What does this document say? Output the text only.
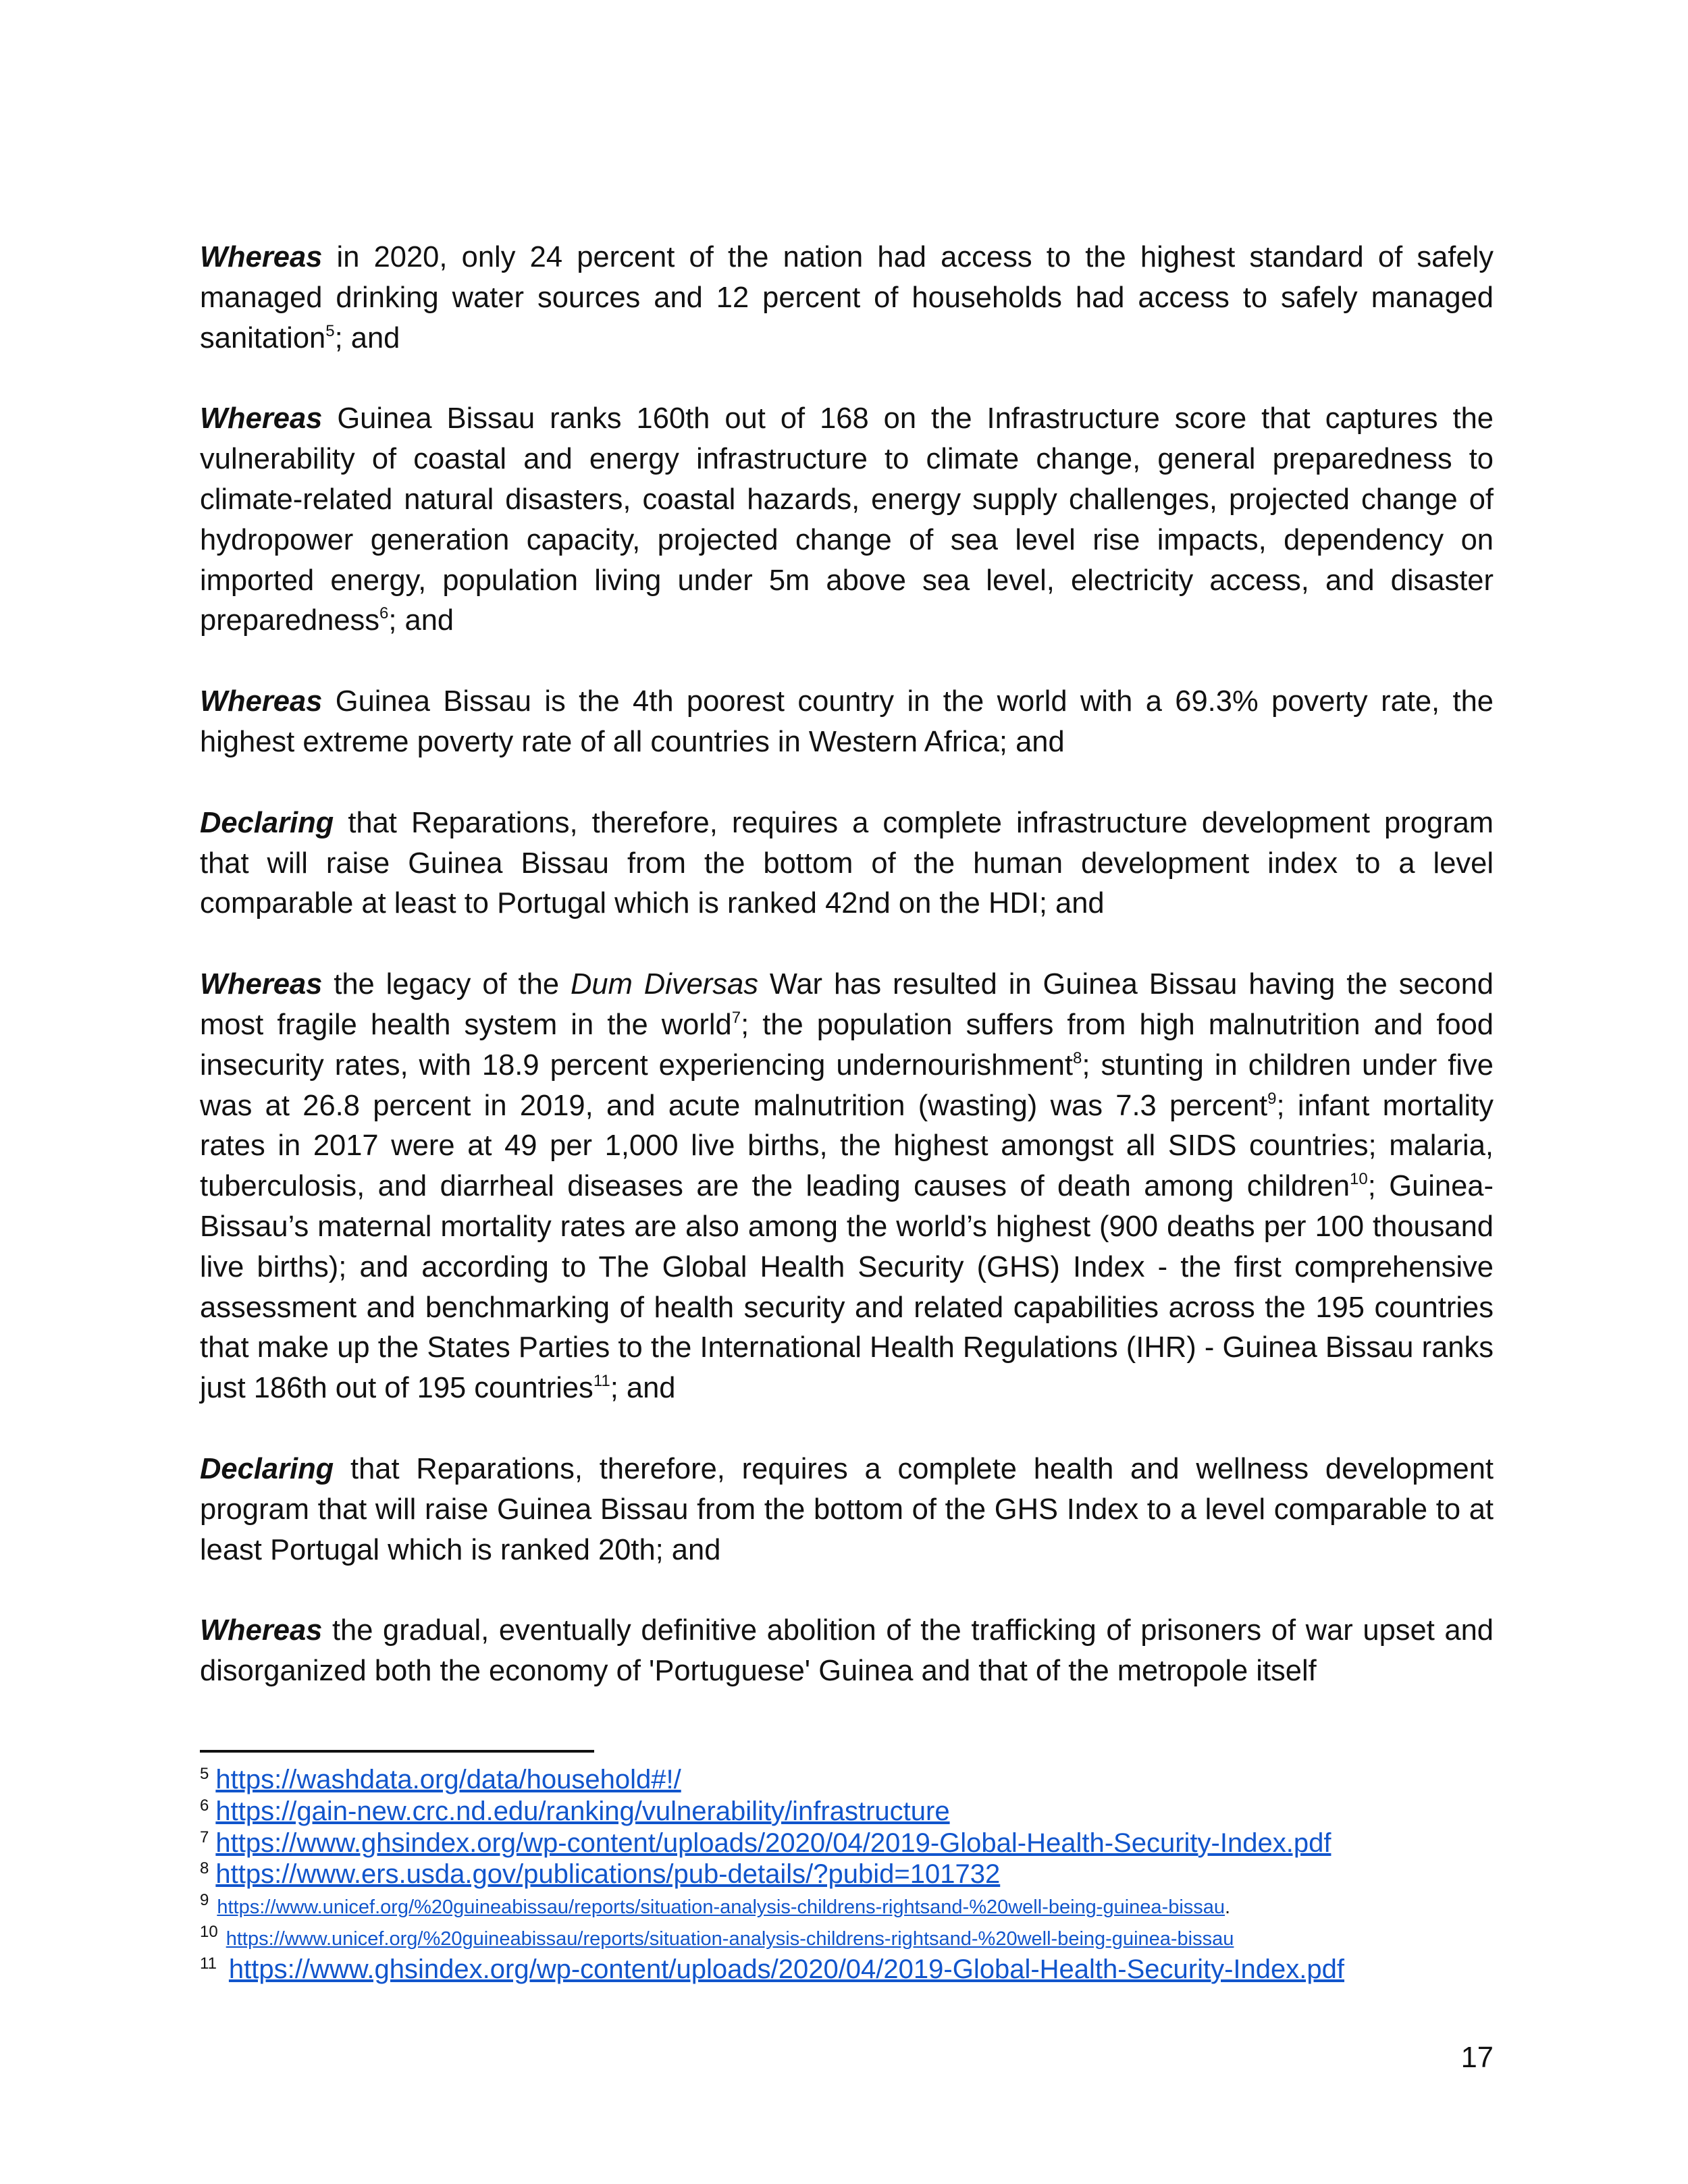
Whereas in 2020, only 24 percent of the nation had access to the highest standard of safely managed drinking water sources and 12 percent of households had access to safely managed sanitation$^5$; and

Whereas Guinea Bissau ranks 160th out of 168 on the Infrastructure score that captures the vulnerability of coastal and energy infrastructure to climate change, general preparedness to climate-related natural disasters, coastal hazards, energy supply challenges, projected change of hydropower generation capacity, projected change of sea level rise impacts, dependency on imported energy, population living under 5m above sea level, electricity access, and disaster preparedness$^6$; and

Whereas Guinea Bissau is the 4th poorest country in the world with a 69.3% poverty rate, the highest extreme poverty rate of all countries in Western Africa; and

Declaring that Reparations, therefore, requires a complete infrastructure development program that will raise Guinea Bissau from the bottom of the human development index to a level comparable at least to Portugal which is ranked 42nd on the HDI; and

Whereas the legacy of the Dum Diversas War has resulted in Guinea Bissau having the second most fragile health system in the world$^7$; the population suffers from high malnutrition and food insecurity rates, with 18.9 percent experiencing undernourishment$^8$; stunting in children under five was at 26.8 percent in 2019, and acute malnutrition (wasting) was 7.3 percent$^9$; infant mortality rates in 2017 were at 49 per 1,000 live births, the highest amongst all SIDS countries; malaria, tuberculosis, and diarrheal diseases are the leading causes of death among children$^{10}$; Guinea-Bissau’s maternal mortality rates are also among the world’s highest (900 deaths per 100 thousand live births); and according to The Global Health Security (GHS) Index - the first comprehensive assessment and benchmarking of health security and related capabilities across the 195 countries that make up the States Parties to the International Health Regulations (IHR) - Guinea Bissau ranks just 186th out of 195 countries$^{11}$; and

Declaring that Reparations, therefore, requires a complete health and wellness development program that will raise Guinea Bissau from the bottom of the GHS Index to a level comparable to at least Portugal which is ranked 20th; and

Whereas the gradual, eventually definitive abolition of the trafficking of prisoners of war upset and disorganized both the economy of 'Portuguese' Guinea and that of the metropole itself

5 https://washdata.org/data/household#!/
6 https://gain-new.crc.nd.edu/ranking/vulnerability/infrastructure
7 https://www.ghsindex.org/wp-content/uploads/2020/04/2019-Global-Health-Security-Index.pdf
8 https://www.ers.usda.gov/publications/pub-details/?pubid=101732
9 https://www.unicef.org/%20guineabissau/reports/situation-analysis-childrens-rightsand-%20well-being-guinea-bissau.
10 https://www.unicef.org/%20guineabissau/reports/situation-analysis-childrens-rightsand-%20well-being-guinea-bissau
11 https://www.ghsindex.org/wp-content/uploads/2020/04/2019-Global-Health-Security-Index.pdf
17
